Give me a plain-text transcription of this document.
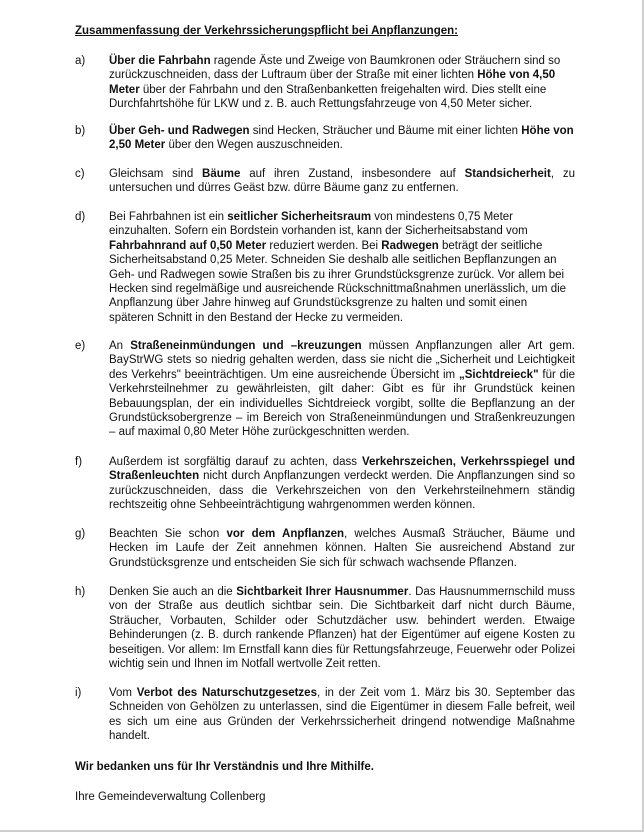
Zusammenfassung der Verkehrssicherungspflicht bei Anpflanzungen:
a)	Über die Fahrbahn ragende Äste und Zweige von Baumkronen oder Sträuchern sind so zurückzuschneiden, dass der Luftraum über der Straße mit einer lichten Höhe von 4,50 Meter über der Fahrbahn und den Straßenbanketten freigehalten wird. Dies stellt eine Durchfahrtshöhe für LKW und z. B. auch Rettungsfahrzeuge von 4,50 Meter sicher.
b)	Über Geh- und Radwegen sind Hecken, Sträucher und Bäume mit einer lichten Höhe von 2,50 Meter über den Wegen auszuschneiden.
c)	Gleichsam sind Bäume auf ihren Zustand, insbesondere auf Standsicherheit, zu untersuchen und dürres Geäst bzw. dürre Bäume ganz zu entfernen.
d)	Bei Fahrbahnen ist ein seitlicher Sicherheitsraum von mindestens 0,75 Meter einzuhalten. Sofern ein Bordstein vorhanden ist, kann der Sicherheitsabstand vom Fahrbahnrand auf 0,50 Meter reduziert werden. Bei Radwegen beträgt der seitliche Sicherheitsabstand 0,25 Meter. Schneiden Sie deshalb alle seitlichen Bepflanzungen an Geh- und Radwegen sowie Straßen bis zu ihrer Grundstücksgrenze zurück. Vor allem bei Hecken sind regelmäßige und ausreichende Rückschnittmaßnahmen unerlässlich, um die Anpflanzung über Jahre hinweg auf Grundstücksgrenze zu halten und somit einen späteren Schnitt in den Bestand der Hecke zu vermeiden.
e)	An Straßeneinmündungen und –kreuzungen müssen Anpflanzungen aller Art gem. BayStrWG stets so niedrig gehalten werden, dass sie nicht die „Sicherheit und Leichtigkeit des Verkehrs" beeinträchtigen. Um eine ausreichende Übersicht im „Sichtdreieck" für die Verkehrsteilnehmer zu gewährleisten, gilt daher: Gibt es für ihr Grundstück keinen Bebauungsplan, der ein individuelles Sichtdreieck vorgibt, sollte die Bepflanzung an der Grundstücksobergrenze – im Bereich von Straßeneinmündungen und Straßenkreuzungen – auf maximal 0,80 Meter Höhe zurückgeschnitten werden.
f)	Außerdem ist sorgfältig darauf zu achten, dass Verkehrszeichen, Verkehrsspiegel und Straßenleuchten nicht durch Anpflanzungen verdeckt werden. Die Anpflanzungen sind so zurückzuschneiden, dass die Verkehrszeichen von den Verkehrsteilnehmern ständig rechtszeitig ohne Sehbeeinträchtigung wahrgenommen werden können.
g)	Beachten Sie schon vor dem Anpflanzen, welches Ausmaß Sträucher, Bäume und Hecken im Laufe der Zeit annehmen können. Halten Sie ausreichend Abstand zur Grundstücksgrenze und entscheiden Sie sich für schwach wachsende Pflanzen.
h)	Denken Sie auch an die Sichtbarkeit Ihrer Hausnummer. Das Hausnummernschild muss von der Straße aus deutlich sichtbar sein. Die Sichtbarkeit darf nicht durch Bäume, Sträucher, Vorbauten, Schilder oder Schutzdächer usw. behindert werden. Etwaige Behinderungen (z. B. durch rankende Pflanzen) hat der Eigentümer auf eigene Kosten zu beseitigen. Vor allem: Im Ernstfall kann dies für Rettungsfahrzeuge, Feuerwehr oder Polizei wichtig sein und Ihnen im Notfall wertvolle Zeit retten.
i)	Vom Verbot des Naturschutzgesetzes, in der Zeit vom 1. März bis 30. September das Schneiden von Gehölzen zu unterlassen, sind die Eigentümer in diesem Falle befreit, weil es sich um eine aus Gründen der Verkehrssicherheit dringend notwendige Maßnahme handelt.
Wir bedanken uns für Ihr Verständnis und Ihre Mithilfe.
Ihre Gemeindeverwaltung Collenberg
